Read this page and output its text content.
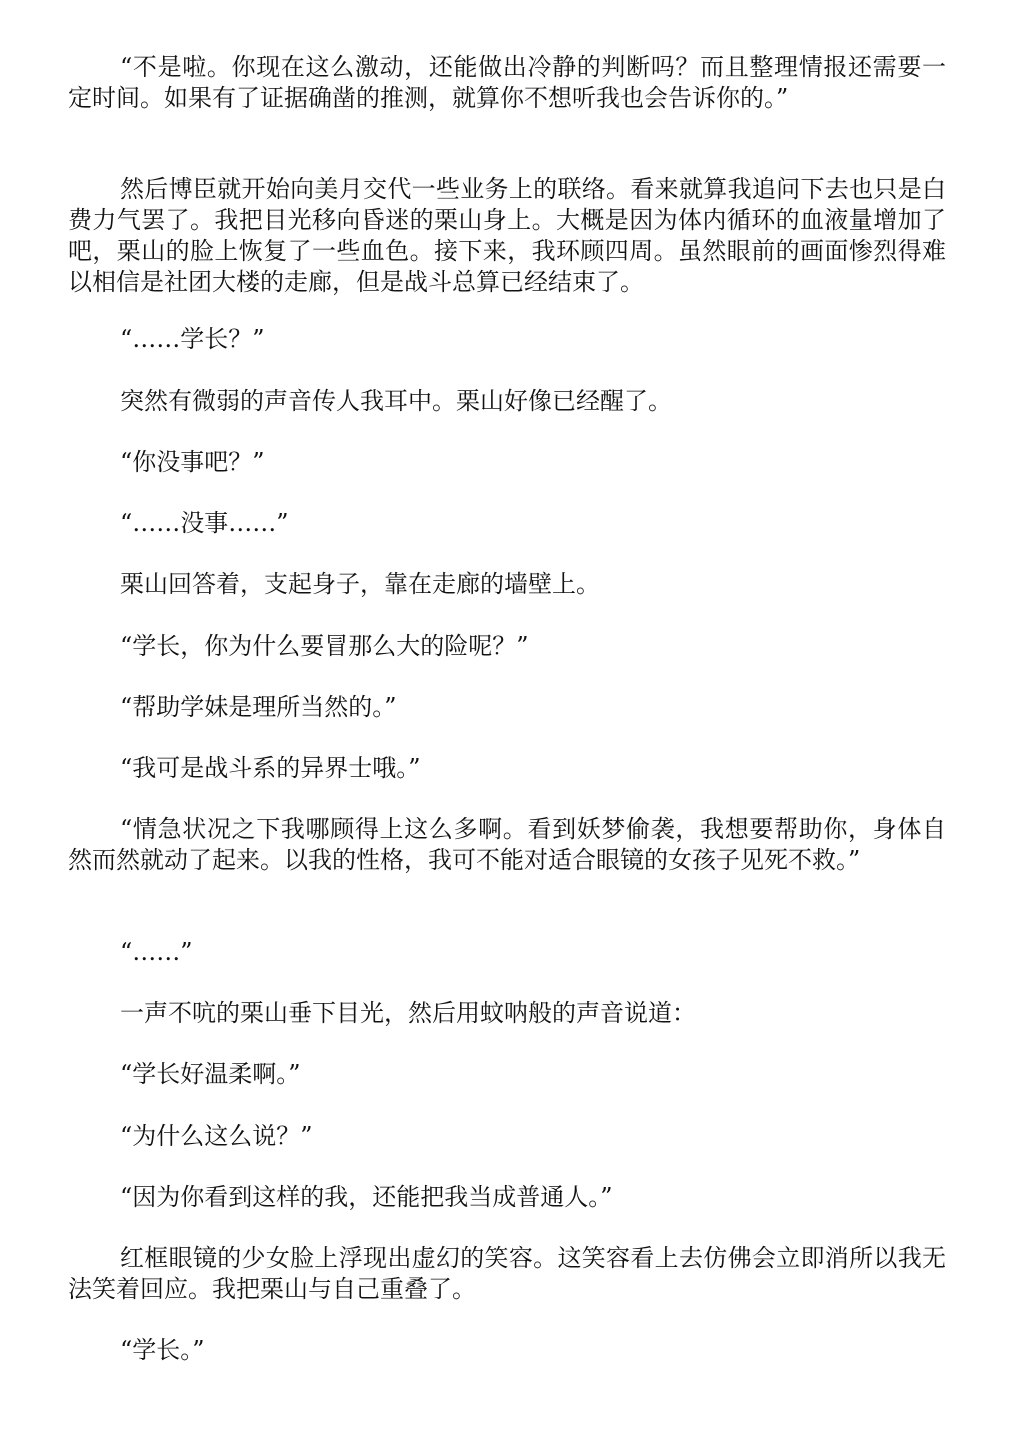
“不是啦。你现在这么激动，还能做出冷静的判断吗？而且整理情报还需要一定时间。如果有了证据确凿的推测，就算你不想听我也会告诉你的。”

然后博臣就开始向美月交代一些业务上的联络。看来就算我追问下去也只是白费力气罢了。我把目光移向昏迷的栗山身上。大概是因为体内循环的血液量增加了吧，栗山的脸上恢复了一些血色。接下来，我环顾四周。虽然眼前的画面惨烈得难以相信是社团大楼的走廊，但是战斗总算已经结束了。

“……学长？”

突然有微弱的声音传人我耳中。栗山好像已经醒了。

“你没事吧？”

“……没事……”

栗山回答着，支起身子，靠在走廊的墙壁上。

“学长，你为什么要冒那么大的险呢？”

“帮助学妹是理所当然的。”

“我可是战斗系的异界士哦。”

“情急状况之下我哪顾得上这么多啊。看到妖梦偷袭，我想要帮助你，身体自然而然就动了起来。以我的性格，我可不能对适合眼镜的女孩子见死不救。”

“……”

一声不吭的栗山垂下目光，然后用蚊呐般的声音说道：

“学长好温柔啊。”

“为什么这么说？”

“因为你看到这样的我，还能把我当成普通人。”

红框眼镜的少女脸上浮现出虚幻的笑容。这笑容看上去仿佛会立即消所以我无法笑着回应。我把栗山与自己重叠了。

“学长。”
